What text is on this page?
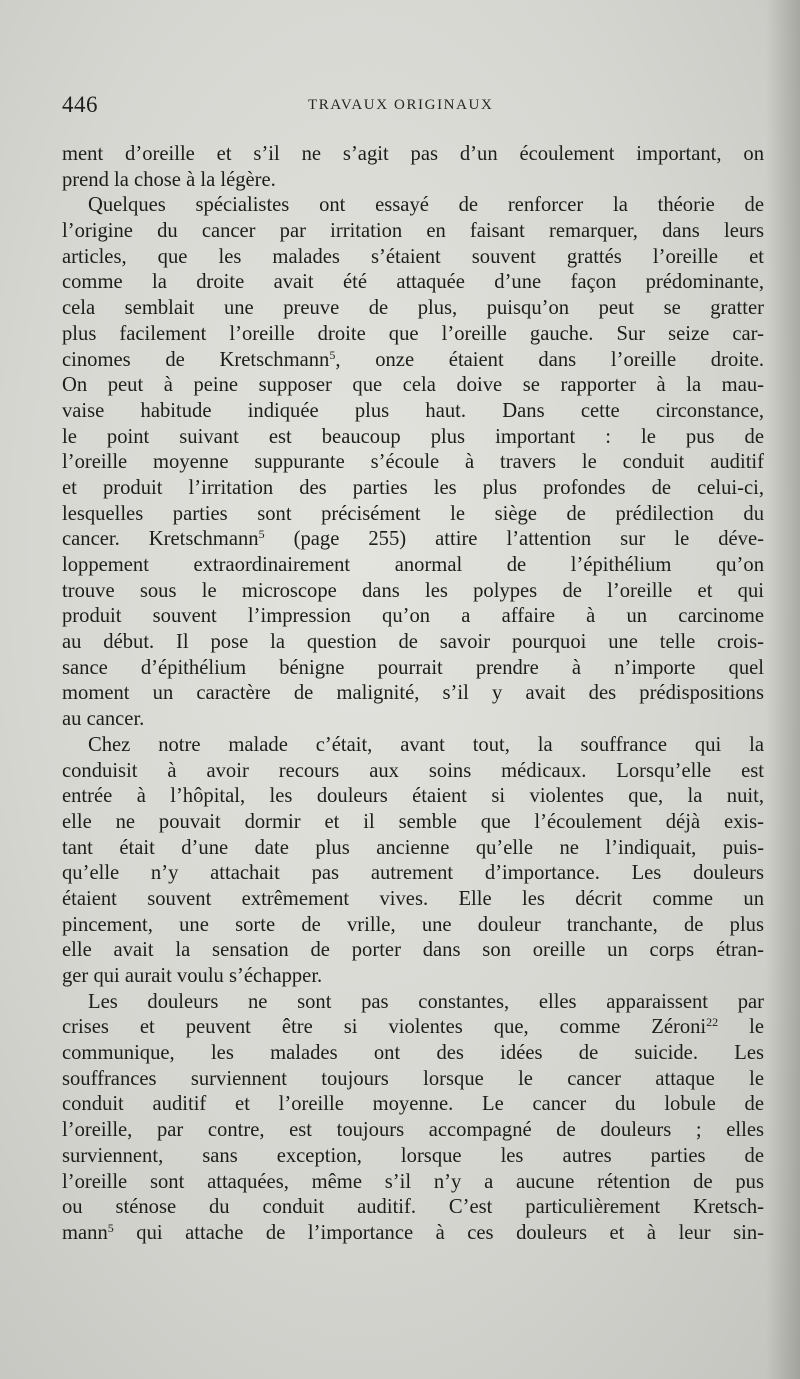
446	TRAVAUX ORIGINAUX
ment d’oreille et s’il ne s’agit pas d’un écoulement important, on
prend la chose à la légère.
Quelques spécialistes ont essayé de renforcer la théorie de
l’origine du cancer par irritation en faisant remarquer, dans leurs
articles, que les malades s’étaient souvent grattés l’oreille et
comme la droite avait été attaquée d’une façon prédominante,
cela semblait une preuve de plus, puisqu’on peut se gratter
plus facilement l’oreille droite que l’oreille gauche. Sur seize car-
cinomes de Kretschmann$^5$, onze étaient dans l’oreille droite.
On peut à peine supposer que cela doive se rapporter à la mau-
vaise habitude indiquée plus haut. Dans cette circonstance,
le point suivant est beaucoup plus important : le pus de
l’oreille moyenne suppurante s’écoule à travers le conduit auditif
et produit l’irritation des parties les plus profondes de celui-ci,
lesquelles parties sont précisément le siège de prédilection du
cancer. Kretschmann$^5$ (page 255) attire l’attention sur le déve-
loppement extraordinairement anormal de l’épithélium qu’on
trouve sous le microscope dans les polypes de l’oreille et qui
produit souvent l’impression qu’on a affaire à un carcinome
au début. Il pose la question de savoir pourquoi une telle crois-
sance d’épithélium bénigne pourrait prendre à n’importe quel
moment un caractère de malignité, s’il y avait des prédispositions
au cancer.
Chez notre malade c’était, avant tout, la souffrance qui la
conduisit à avoir recours aux soins médicaux. Lorsqu’elle est
entrée à l’hôpital, les douleurs étaient si violentes que, la nuit,
elle ne pouvait dormir et il semble que l’écoulement déjà exis-
tant était d’une date plus ancienne qu’elle ne l’indiquait, puis-
qu’elle n’y attachait pas autrement d’importance. Les douleurs
étaient souvent extrêmement vives. Elle les décrit comme un
pincement, une sorte de vrille, une douleur tranchante, de plus
elle avait la sensation de porter dans son oreille un corps étran-
ger qui aurait voulu s’échapper.
Les douleurs ne sont pas constantes, elles apparaissent par
crises et peuvent être si violentes que, comme Zéroni$^{22}$ le
communique, les malades ont des idées de suicide. Les
souffrances surviennent toujours lorsque le cancer attaque le
conduit auditif et l’oreille moyenne. Le cancer du lobule de
l’oreille, par contre, est toujours accompagné de douleurs ; elles
surviennent, sans exception, lorsque les autres parties de
l’oreille sont attaquées, même s’il n’y a aucune rétention de pus
ou sténose du conduit auditif. C’est particulièrement Kretsch-
mann$^5$ qui attache de l’importance à ces douleurs et à leur sin-
